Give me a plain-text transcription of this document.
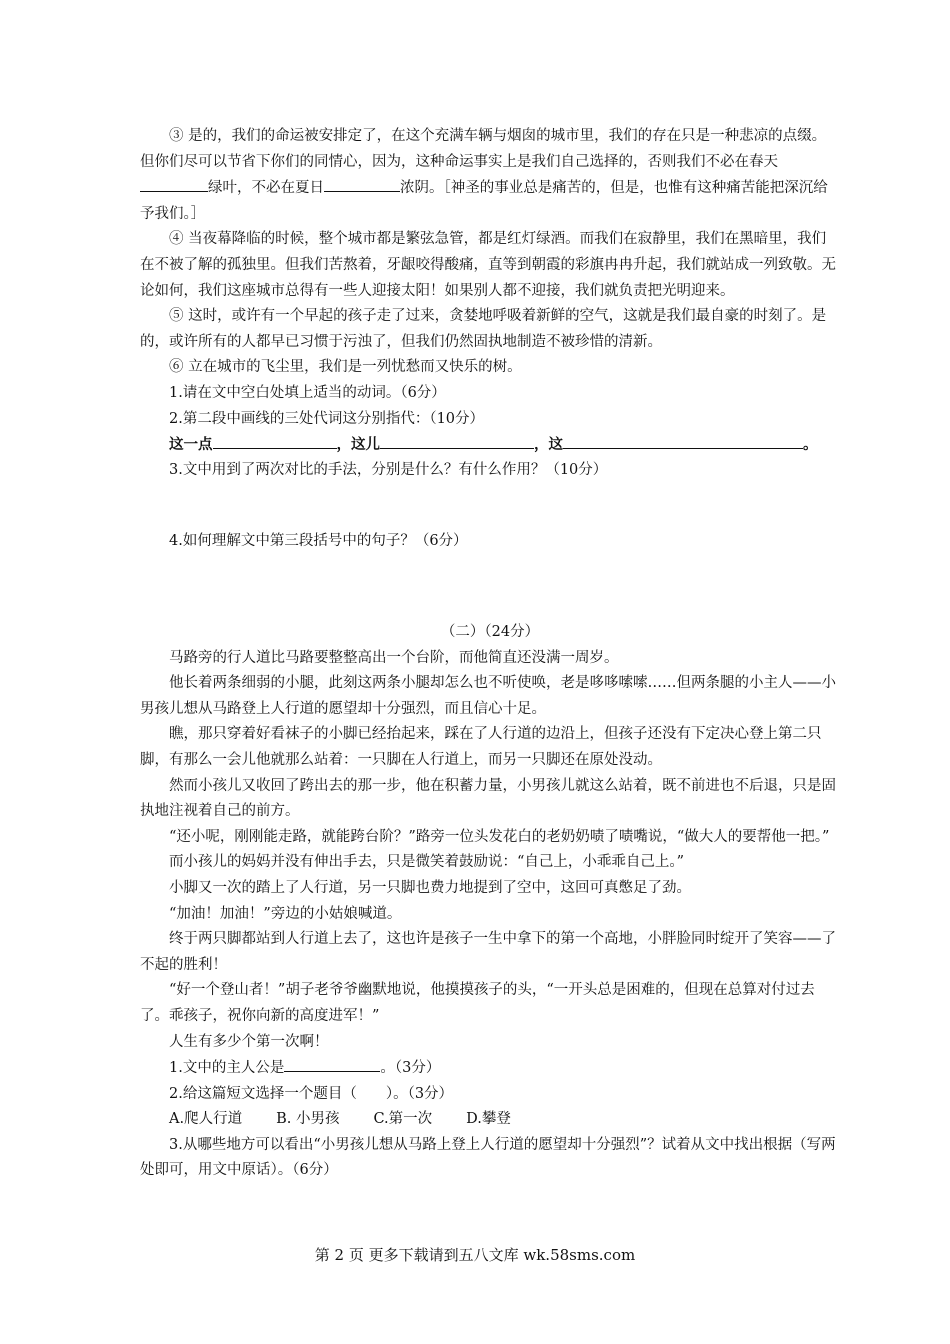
③ 是的，我们的命运被安排定了，在这个充满车辆与烟囱的城市里，我们的存在只是一种悲凉的点缀。但你们尽可以节省下你们的同情心，因为，这种命运事实上是我们自己选择的，否则我们不必在春天绿叶，不必在夏日	浓阴。［神圣的事业总是痛苦的，但是，也惟有这种痛苦能把深沉给予我们。］

④ 当夜幕降临的时候，整个城市都是繁弦急管，都是红灯绿酒。而我们在寂静里，我们在黑暗里，我们在不被了解的孤独里。但我们苦熬着，牙龈咬得酸痛，直等到朝霞的彩旗冉冉升起，我们就站成一列致敬。无论如何，我们这座城市总得有一些人迎接太阳！如果别人都不迎接，我们就负责把光明迎来。

⑤ 这时，或许有一个早起的孩子走了过来，贪婪地呼吸着新鲜的空气，这就是我们最自豪的时刻了。是的，或许所有的人都早已习惯于污浊了，但我们仍然固执地制造不被珍惜的清新。

⑥ 立在城市的飞尘里，我们是一列忧愁而又快乐的树。

1.请在文中空白处填上适当的动词。（6分）

2.第二段中画线的三处代词这分别指代：（10分）

这一点	，这儿	，这	。

3.文中用到了两次对比的手法，分别是什么？有什么作用？（10分）

4.如何理解文中第三段括号中的句子？（6分）

（二）（24分）

马路旁的行人道比马路要整整高出一个台阶，而他简直还没满一周岁。

他长着两条细弱的小腿，此刻这两条小腿却怎么也不听使唤，老是哆哆嗦嗦……但两条腿的小主人——小男孩儿想从马路登上人行道的愿望却十分强烈，而且信心十足。

瞧，那只穿着好看袜子的小脚已经抬起来，踩在了人行道的边沿上，但孩子还没有下定决心登上第二只脚，有那么一会儿他就那么站着：一只脚在人行道上，而另一只脚还在原处没动。

然而小孩儿又收回了跨出去的那一步，他在积蓄力量，小男孩儿就这么站着，既不前进也不后退，只是固执地注视着自己的前方。

“还小呢，刚刚能走路，就能跨台阶？”路旁一位头发花白的老奶奶啧了啧嘴说，“做大人的要帮他一把。”

而小孩儿的妈妈并没有伸出手去，只是微笑着鼓励说：“自己上，小乖乖自己上。”

小脚又一次的踏上了人行道，另一只脚也费力地提到了空中，这回可真憋足了劲。

“加油！加油！”旁边的小姑娘喊道。

终于两只脚都站到人行道上去了，这也许是孩子一生中拿下的第一个高地，小胖脸同时绽开了笑容——了不起的胜利！

“好一个登山者！”胡子老爷爷幽默地说，他摸摸孩子的头，“一开头总是困难的，但现在总算对付过去了。乖孩子，祝你向新的高度进军！”

人生有多少个第一次啊！

1.文中的主人公是	。（3分）

2.给这篇短文选择一个题目（　　）。（3分）

A.爬人行道 B. 小男孩 C.第一次 D.攀登

3.从哪些地方可以看出“小男孩儿想从马路上登上人行道的愿望却十分强烈”？试着从文中找出根据（写两处即可，用文中原话）。（6分）

第 2 页 更多下载请到五八文库 wk.58sms.com
